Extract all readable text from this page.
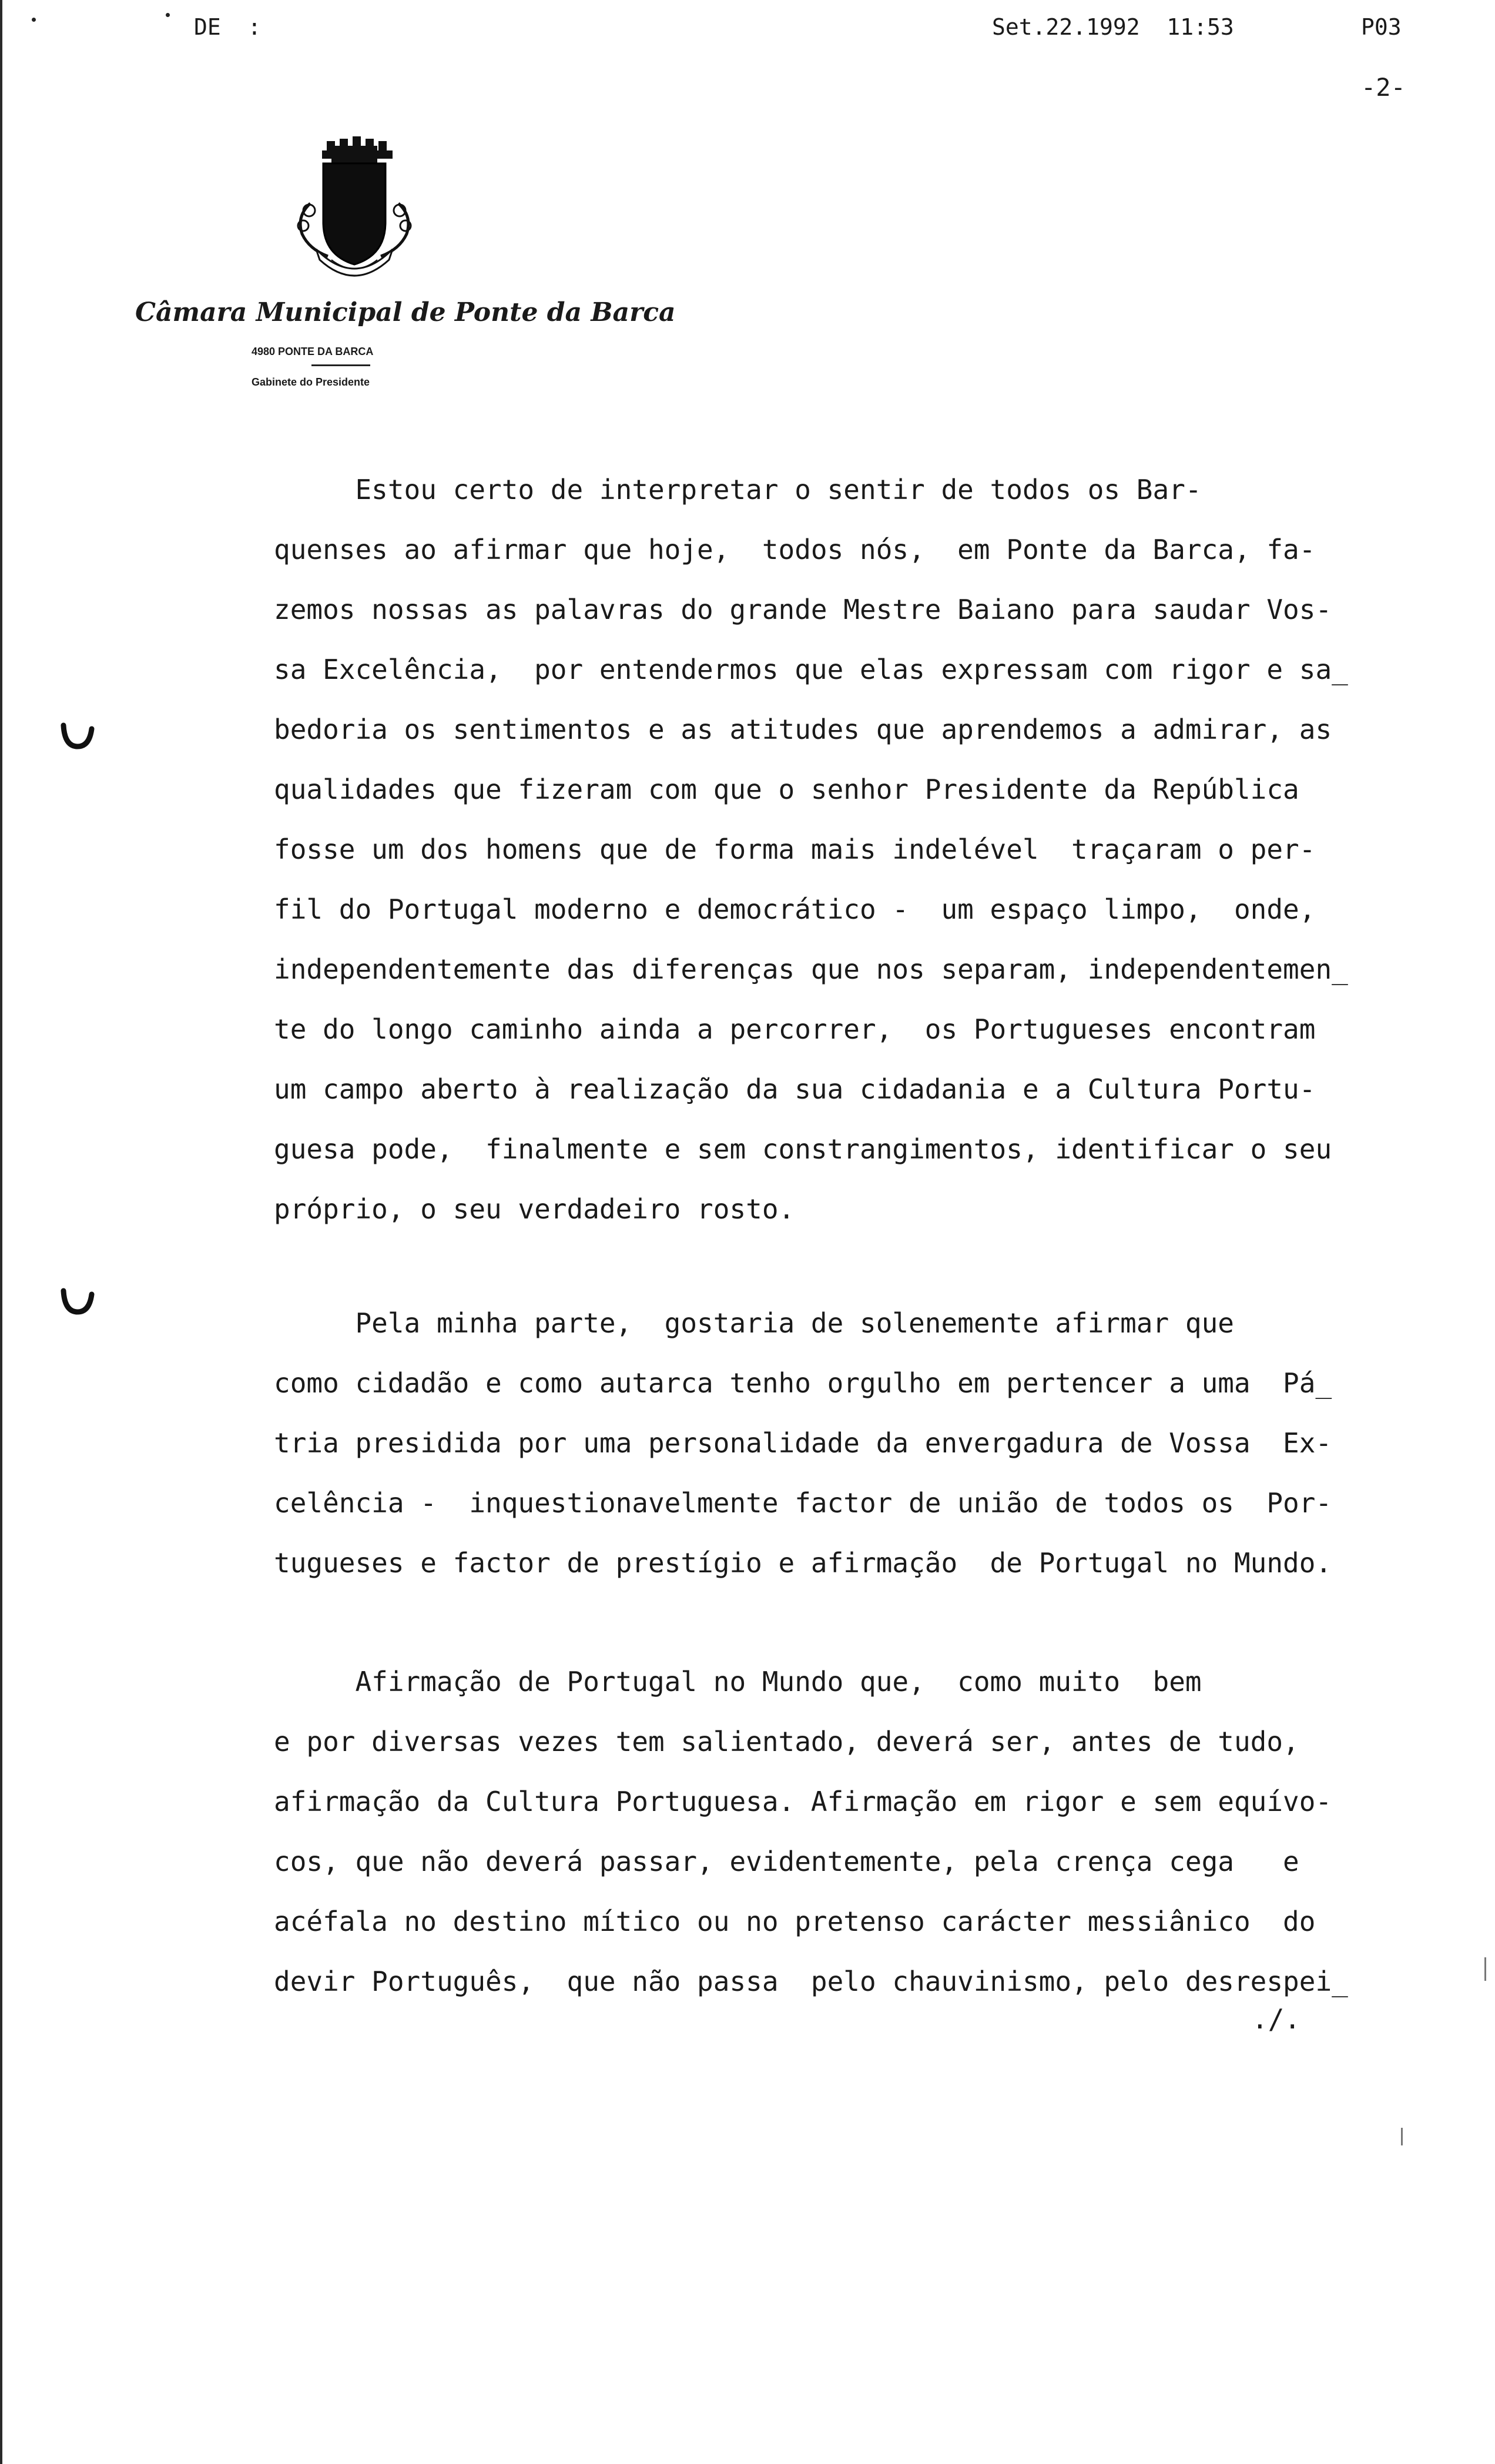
DE  :	Set.22.1992  11:53	P03
-2-
Câmara Municipal de Ponte da Barca
4980 PONTE DA BARCA
Gabinete do Presidente

Estou certo de interpretar o sentir de todos os Bar-

quenses ao afirmar que hoje,  todos nós,  em Ponte da Barca, fa-

zemos nossas as palavras do grande Mestre Baiano para saudar Vos-

sa Excelência,  por entendermos que elas expressam com rigor e sa̲

bedoria os sentimentos e as atitudes que aprendemos a admirar, as

qualidades que fizeram com que o senhor Presidente da República

fosse um dos homens que de forma mais indelével  traçaram o per-

fil do Portugal moderno e democrático -  um espaço limpo,  onde,

independentemente das diferenças que nos separam, independentemen̲

te do longo caminho ainda a percorrer,  os Portugueses encontram

um campo aberto à realização da sua cidadania e a Cultura Portu-

guesa pode,  finalmente e sem constrangimentos, identificar o seu

próprio, o seu verdadeiro rosto.

Pela minha parte,  gostaria de solenemente afirmar que

como cidadão e como autarca tenho orgulho em pertencer a uma  Pá̲

tria presidida por uma personalidade da envergadura de Vossa  Ex-

celência -  inquestionavelmente factor de união de todos os  Por-

tugueses e factor de prestígio e afirmação  de Portugal no Mundo.

Afirmação de Portugal no Mundo que,  como muito  bem

e por diversas vezes tem salientado, deverá ser, antes de tudo,

afirmação da Cultura Portuguesa. Afirmação em rigor e sem equívo-

cos, que não deverá passar, evidentemente, pela crença cega   e

acéfala no destino mítico ou no pretenso carácter messiânico  do

devir Português,  que não passa  pelo chauvinismo, pelo desrespei̲

./.
